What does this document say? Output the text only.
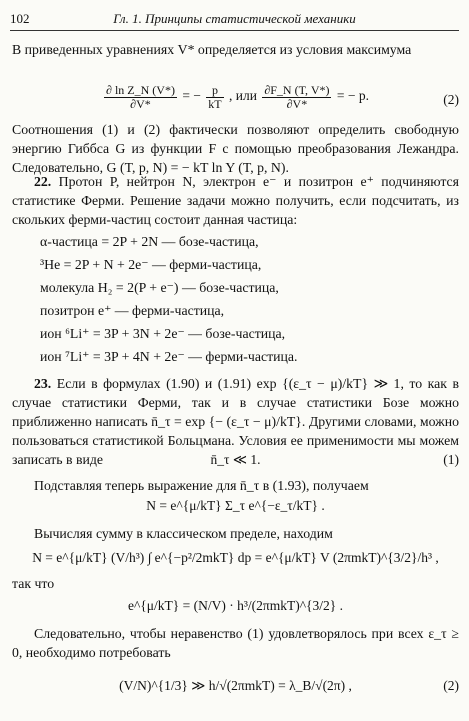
102	Гл. 1. Принципы статистической механики

В приведенных уравнениях V* определяется из условия максимума

$\frac{\text{∂ ln Z\_N (V*)}}{\partial V*}$ = − $\frac{p}{kT}$ , или $\frac{\partial F\_N (T, V*)}{\partial V*}$ = − p.	(2)

Соотношения (1) и (2) фактически позволяют определить свободную энергию Гиббса G из функции F с помощью преобразования Лежандра. Следовательно, G (T, p, N) = − kT ln Y (T, p, N).

22. Протон P, нейтрон N, электрон e⁻ и позитрон e⁺ подчиняются статистике Ферми. Решение задачи можно получить, если подсчитать, из скольких ферми-частиц состоит данная частица:

α-частица = 2P + 2N — бозе-частица,
³He = 2P + N + 2e⁻ — ферми-частица,
молекула H₂ = 2(P + e⁻) — бозе-частица,
позитрон e⁺ — ферми-частица,
ион ⁶Li⁺ = 3P + 3N + 2e⁻ — бозе-частица,
ион ⁷Li⁺ = 3P + 4N + 2e⁻ — ферми-частица.

23. Если в формулах (1.90) и (1.91) exp {(ε_τ − μ)/kT} ≫ 1, то как в случае статистики Ферми, так и в случае статистики Бозе можно приближенно написать n̄_τ = exp {− (ε_τ − μ)/kT}. Другими словами, можно пользоваться статистикой Больцмана. Условия ее применимости мы можем записать в виде	n̄_τ ≪ 1.	(1)

Подставляя теперь выражение для n̄_τ в (1.93), получаем

N = e^{μ/kT} Σ_τ e^{−ε_τ/kT} .

Вычисляя сумму в классическом пределе, находим

N = e^{μ/kT} (V/h³) ∫ e^{−p²/2mkT} dp = e^{μ/kT} V (2πmkT)^{3/2}/h³ ,

так что

e^{μ/kT} = (N/V) · h³/(2πmkT)^{3/2} .

Следовательно, чтобы неравенство (1) удовлетворялось при всех ε_τ ≥ 0, необходимо потребовать

(V/N)^{1/3} ≫ h/√(2πmkT) = λ_B/√(2π) ,	(2)
